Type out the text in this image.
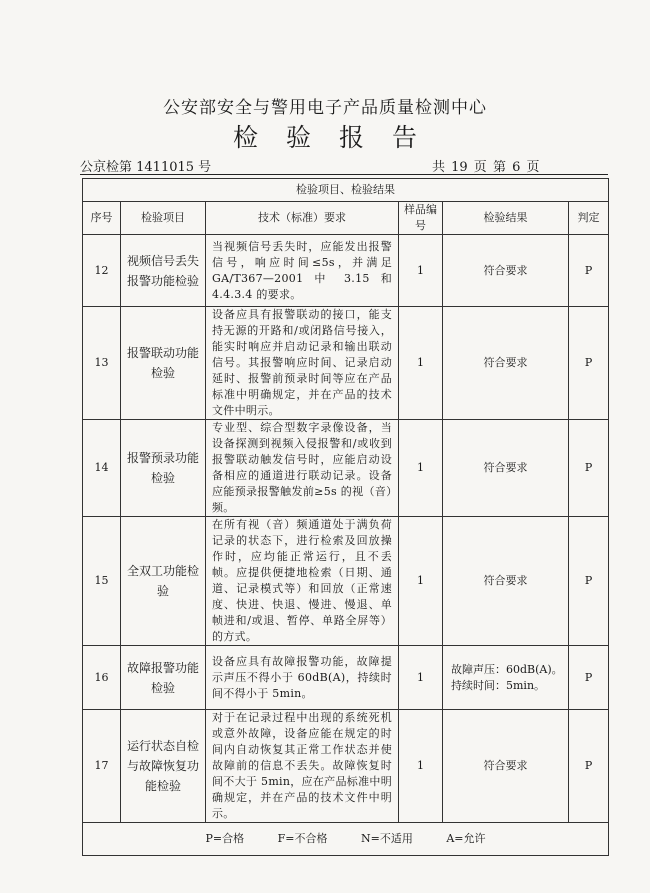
公安部安全与警用电子产品质量检测中心
检验报告
公京检第 1411015 号	共 19 页 第 6 页
检验项目、检验结果					
序号	检验项目	技术（标准）要求	样品编号	检验结果	判定
12	视频信号丢失报警功能检验	当视频信号丢失时，应能发出报警信号，响应时间≤5s，并满足GA/T367—2001 中 3.15 和 4.4.3.4 的要求。	1	符合要求	P
13	报警联动功能检验	设备应具有报警联动的接口，能支持无源的开路和/或闭路信号接入，能实时响应并启动记录和输出联动信号。其报警响应时间、记录启动延时、报警前预录时间等应在产品标准中明确规定，并在产品的技术文件中明示。	1	符合要求	P
14	报警预录功能检验	专业型、综合型数字录像设备，当设备探测到视频入侵报警和/或收到报警联动触发信号时，应能启动设备相应的通道进行联动记录。设备应能预录报警触发前≥5s 的视（音）频。	1	符合要求	P
15	全双工功能检验	在所有视（音）频通道处于满负荷记录的状态下，进行检索及回放操作时，应均能正常运行，且不丢帧。应提供便捷地检索（日期、通道、记录模式等）和回放（正常速度、快进、快退、慢进、慢退、单帧进和/或退、暂停、单路全屏等）的方式。	1	符合要求	P
16	故障报警功能检验	设备应具有故障报警功能，故障提示声压不得小于 60dB(A)，持续时间不得小于 5min。	1	故障声压：60dB(A)。
持续时间：5min。	P
17	运行状态自检与故障恢复功能检验	对于在记录过程中出现的系统死机或意外故障，设备应能在规定的时间内自动恢复其正常工作状态并使故障前的信息不丢失。故障恢复时间不大于 5min，应在产品标准中明确规定，并在产品的技术文件中明示。	1	符合要求	P
P=合格 F=不合格 N=不适用 A=允许					
